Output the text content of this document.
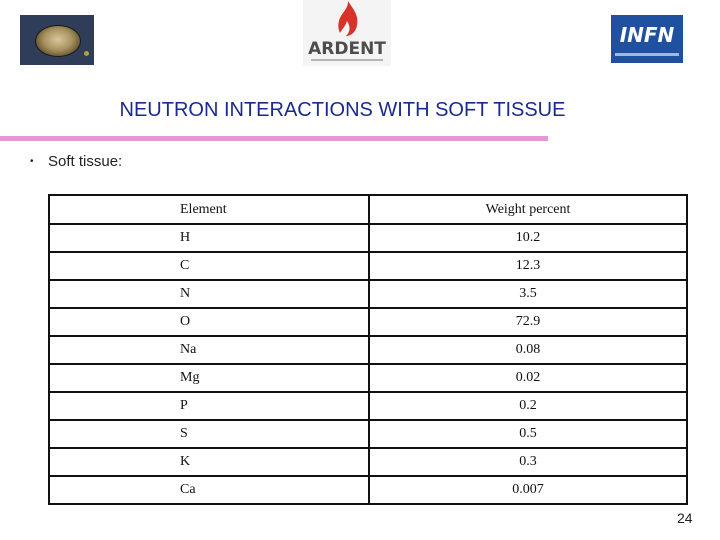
ARDENT
INFN
NEUTRON INTERACTIONS WITH SOFT TISSUE
• Soft tissue:
Element	Weight percent
H	10.2
C	12.3
N	3.5
O	72.9
Na	0.08
Mg	0.02
P	0.2
S	0.5
K	0.3
Ca	0.007
24
